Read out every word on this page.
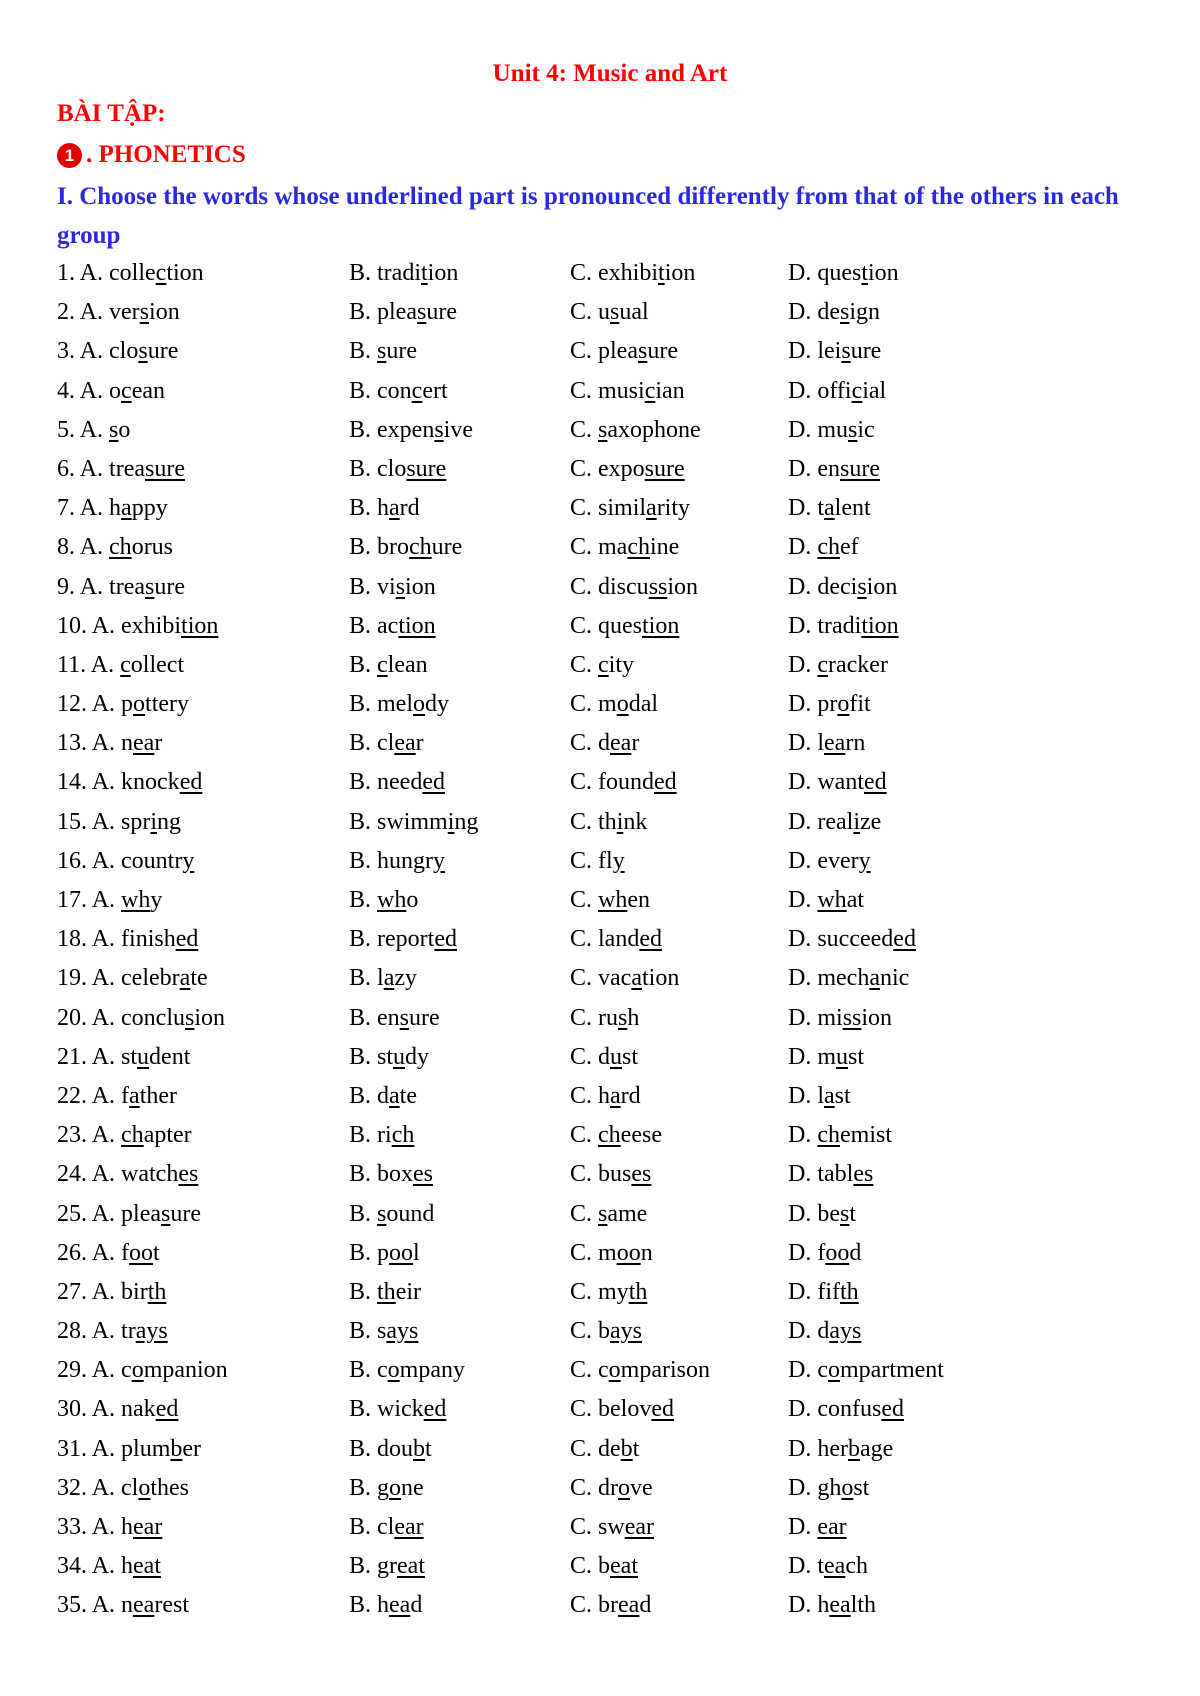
Unit 4: Music and Art
BÀI TẬP:
1 . PHONETICS
I. Choose the words whose underlined part is pronounced differently from that of the others in each group
1. A. collection	B. tradition	C. exhibition	D. question
2. A. version	B. pleasure	C. usual	D. design
3. A. closure	B. sure	C. pleasure	D. leisure
4. A. ocean	B. concert	C. musician	D. official
5. A. so	B. expensive	C. saxophone	D. music
6. A. treasure	B. closure	C. exposure	D. ensure
7. A. happy	B. hard	C. similarity	D. talent
8. A. chorus	B. brochure	C. machine	D. chef
9. A. treasure	B. vision	C. discussion	D. decision
10. A. exhibition	B. action	C. question	D. tradition
11. A. collect	B. clean	C. city	D. cracker
12. A. pottery	B. melody	C. modal	D. profit
13. A. near	B. clear	C. dear	D. learn
14. A. knocked	B. needed	C. founded	D. wanted
15. A. spring	B. swimming	C. think	D. realize
16. A. country	B. hungry	C. fly	D. every
17. A. why	B. who	C. when	D. what
18. A. finished	B. reported	C. landed	D. succeeded
19. A. celebrate	B. lazy	C. vacation	D. mechanic
20. A. conclusion	B. ensure	C. rush	D. mission
21. A. student	B. study	C. dust	D. must
22. A. father	B. date	C. hard	D. last
23. A. chapter	B. rich	C. cheese	D. chemist
24. A. watches	B. boxes	C. buses	D. tables
25. A. pleasure	B. sound	C. same	D. best
26. A. foot	B. pool	C. moon	D. food
27. A. birth	B. their	C. myth	D. fifth
28. A. trays	B. says	C. bays	D. days
29. A. companion	B. company	C. comparison	D. compartment
30. A. naked	B. wicked	C. beloved	D. confused
31. A. plumber	B. doubt	C. debt	D. herbage
32. A. clothes	B. gone	C. drove	D. ghost
33. A. hear	B. clear	C. swear	D. ear
34. A. heat	B. great	C. beat	D. teach
35. A. nearest	B. head	C. bread	D. health
